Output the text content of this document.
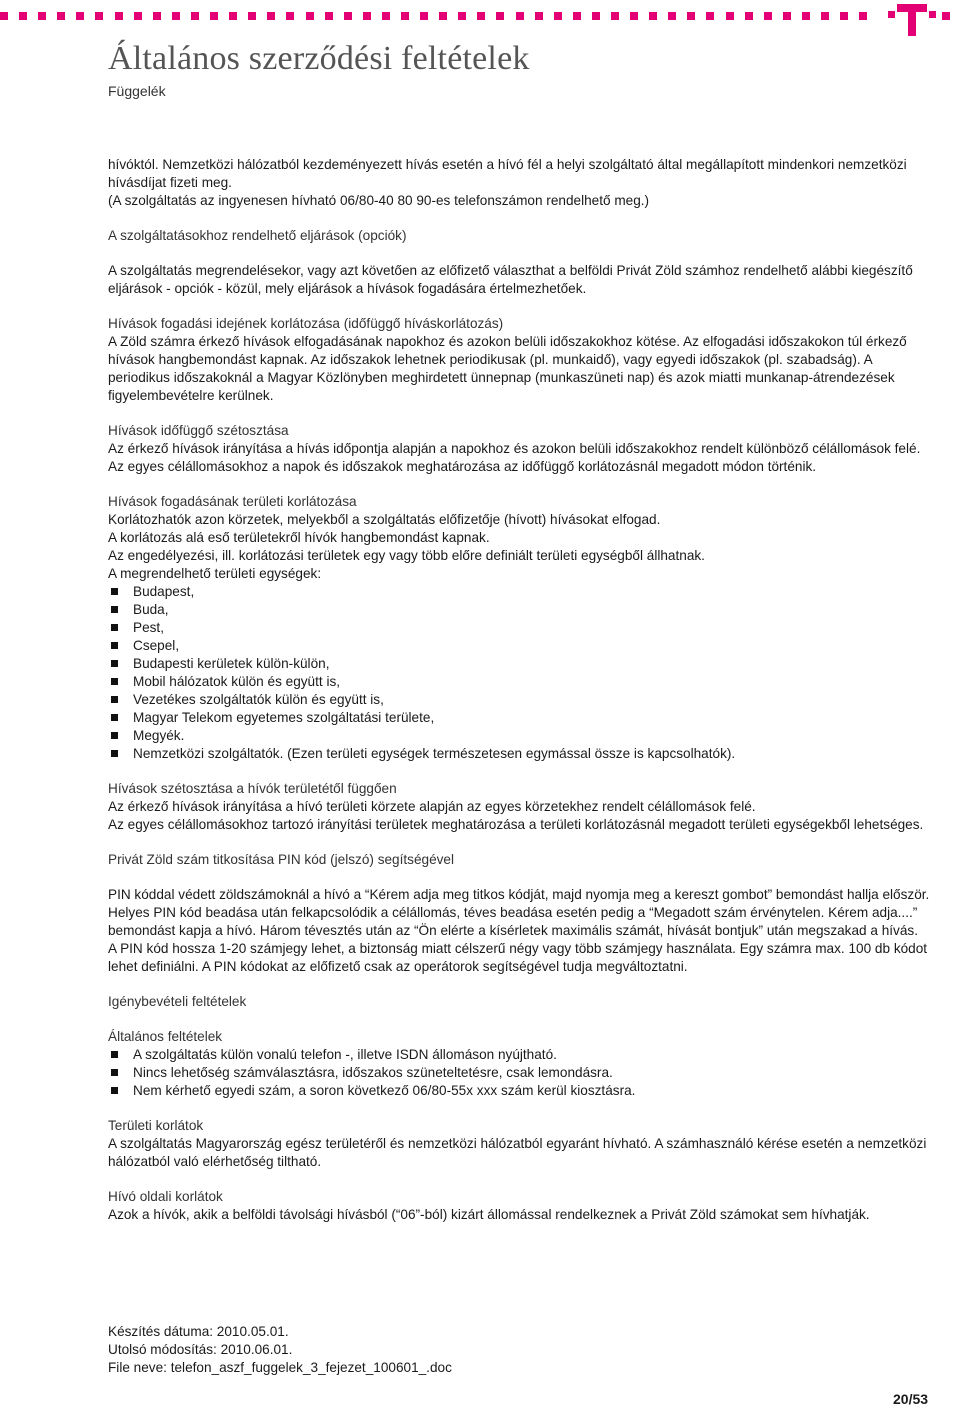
Általános szerződési feltételek
Függelék

hívóktól. Nemzetközi hálózatból kezdeményezett hívás esetén a hívó fél a helyi szolgáltató által megállapított mindenkori nemzetközi hívásdíjat fizeti meg.

(A szolgáltatás az ingyenesen hívható 06/80-40 80 90-es telefonszámon rendelhető meg.)

A szolgáltatásokhoz rendelhető eljárások (opciók)

A szolgáltatás megrendelésekor, vagy azt követően az előfizető választhat a belföldi Privát Zöld számhoz rendelhető alábbi kiegészítő eljárások - opciók - közül, mely eljárások a hívások fogadására értelmezhetőek.

Hívások fogadási idejének korlátozása (időfüggő híváskorlátozás)

A Zöld számra érkező hívások elfogadásának napokhoz és azokon belüli időszakokhoz kötése. Az elfogadási időszakokon túl érkező hívások hangbemondást kapnak. Az időszakok lehetnek periodikusak (pl. munkaidő), vagy egyedi időszakok (pl. szabadság). A periodikus időszakoknál a Magyar Közlönyben meghirdetett ünnepnap (munkaszüneti nap) és azok miatti munkanap-átrendezések figyelembevételre kerülnek.

Hívások időfüggő szétosztása

Az érkező hívások irányítása a hívás időpontja alapján a napokhoz és azokon belüli időszakokhoz rendelt különböző célállomások felé. Az egyes célállomásokhoz a napok és időszakok meghatározása az időfüggő korlátozásnál megadott módon történik.

Hívások fogadásának területi korlátozása

Korlátozhatók azon körzetek, melyekből a szolgáltatás előfizetője (hívott) hívásokat elfogad.

A korlátozás alá eső területekről hívók hangbemondást kapnak.

Az engedélyezési, ill. korlátozási területek egy vagy több előre definiált területi egységből állhatnak.

A megrendelhető területi egységek:

Budapest,
Buda,
Pest,
Csepel,
Budapesti kerületek külön-külön,
Mobil hálózatok külön és együtt is,
Vezetékes szolgáltatók külön és együtt is,
Magyar Telekom egyetemes szolgáltatási területe,
Megyék.
Nemzetközi szolgáltatók. (Ezen területi egységek természetesen egymással össze is kapcsolhatók).

Hívások szétosztása a hívók területétől függően

Az érkező hívások irányítása a hívó területi körzete alapján az egyes körzetekhez rendelt célállomások felé.

Az egyes célállomásokhoz tartozó irányítási területek meghatározása a területi korlátozásnál megadott területi egységekből lehetséges.

Privát Zöld szám titkosítása PIN kód (jelszó) segítségével

PIN kóddal védett zöldszámoknál a hívó a “Kérem adja meg titkos kódját, majd nyomja meg a kereszt gombot” bemondást hallja először. Helyes PIN kód beadása után felkapcsolódik a célállomás, téves beadása esetén pedig a “Megadott szám érvénytelen. Kérem adja....” bemondást kapja a hívó. Három tévesztés után az “Ön elérte a kísérletek maximális számát, hívását bontjuk” után megszakad a hívás.

A PIN kód hossza 1-20 számjegy lehet, a biztonság miatt célszerű négy vagy több számjegy használata. Egy számra max. 100 db kódot lehet definiálni. A PIN kódokat az előfizető csak az operátorok segítségével tudja megváltoztatni.

Igénybevételi feltételek

Általános feltételek

A szolgáltatás külön vonalú telefon -, illetve ISDN állomáson nyújtható.
Nincs lehetőség számválasztásra, időszakos szüneteltetésre, csak lemondásra.
Nem kérhető egyedi szám, a soron következő 06/80-55x xxx szám kerül kiosztásra.

Területi korlátok

A szolgáltatás Magyarország egész területéről és nemzetközi hálózatból egyaránt hívható. A számhasználó kérése esetén a nemzetközi hálózatból való elérhetőség tiltható.

Hívó oldali korlátok

Azok a hívók, akik a belföldi távolsági hívásból (“06”-ból) kizárt állomással rendelkeznek a Privát Zöld számokat sem hívhatják.

Készítés dátuma: 2010.05.01.
Utolsó módosítás: 2010.06.01.
File neve: telefon_aszf_fuggelek_3_fejezet_100601_.doc
20/53
